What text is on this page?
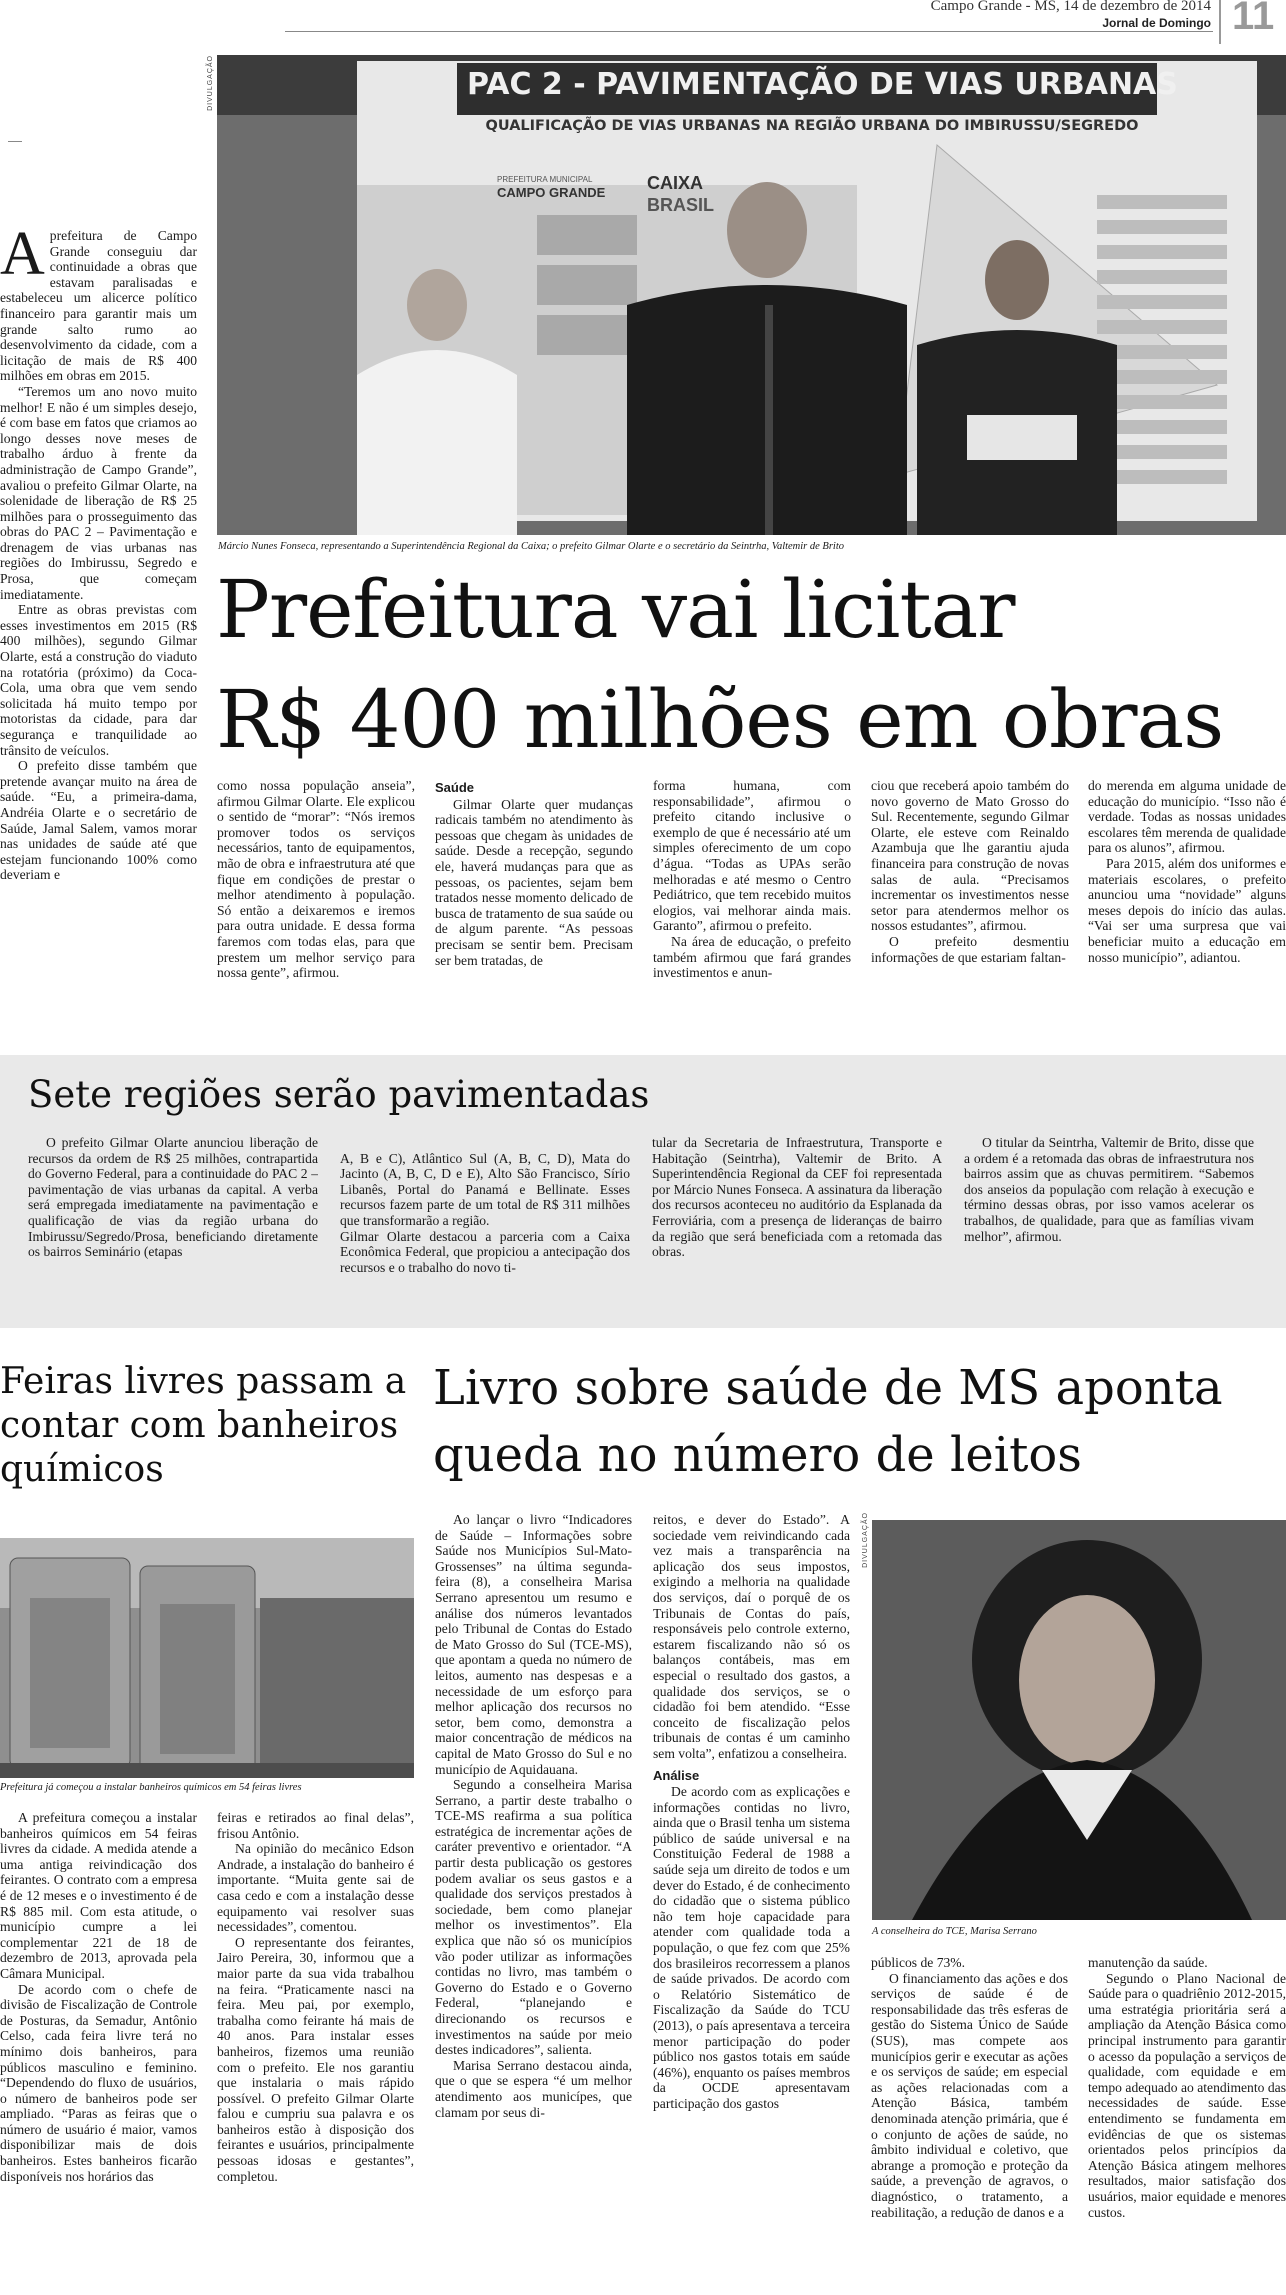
Campo Grande - MS, 14 de dezembro de 2014
Jornal de Domingo 11
DIVULGAÇÃO	PAC 2 - PAVIMENTAÇÃO DE VIAS URBANAS
QUALIFICAÇÃO DE VIAS URBANAS NA REGIÃO URBANA DO IMBIRUSSU/SEGREDO
PREFEITURA MUNICIPAL
CAMPO GRANDE CAIXA
BRASIL
Márcio Nunes Fonseca, representando a Superintendência Regional da Caixa; o prefeito Gilmar Olarte e o secretário da Seintrha, Valtemir de Brito
Prefeitura vai licitar
R$ 400 milhões em obras

Aprefeitura de Campo Grande conseguiu dar continuidade a obras que estavam paralisadas e estabeleceu um alicerce político financeiro para garantir mais um grande salto rumo ao desenvolvimento da cidade, com a licitação de mais de R$ 400 milhões em obras em 2015.

“Teremos um ano novo muito melhor! E não é um simples desejo, é com base em fatos que criamos ao longo desses nove meses de trabalho árduo à frente da administração de Campo Grande”, avaliou o prefeito Gilmar Olarte, na solenidade de liberação de R$ 25 milhões para o prosseguimento das obras do PAC 2 – Pavimentação e drenagem de vias urbanas nas regiões do Imbirussu, Segredo e Prosa, que começam imediatamente.

Entre as obras previstas com esses investimentos em 2015 (R$ 400 milhões), segundo Gilmar Olarte, está a construção do viaduto na rotatória (próximo) da Coca-Cola, uma obra que vem sendo solicitada há muito tempo por motoristas da cidade, para dar segurança e tranquilidade ao trânsito de veículos.

O prefeito disse também que pretende avançar muito na área de saúde. “Eu, a primeira-dama, Andréia Olarte e o secretário de Saúde, Jamal Salem, vamos morar nas unidades de saúde até que estejam funcionando 100% como deveriam e

como nossa população anseia”, afirmou Gilmar Olarte. Ele explicou o sentido de “morar”: “Nós iremos promover todos os serviços necessários, tanto de equipamentos, mão de obra e infraestrutura até que fique em condições de prestar o melhor atendimento à população. Só então a deixaremos e iremos para outra unidade. E dessa forma faremos com todas elas, para que prestem um melhor serviço para nossa gente”, afirmou.

Saúde

Gilmar Olarte quer mudanças radicais também no atendimento às pessoas que chegam às unidades de saúde. Desde a recepção, segundo ele, haverá mudanças para que as pessoas, os pacientes, sejam bem tratados nesse momento delicado de busca de tratamento de sua saúde ou de algum parente. “As pessoas precisam se sentir bem. Precisam ser bem tratadas, de

forma humana, com responsabilidade”, afirmou o prefeito citando inclusive o exemplo de que é necessário até um simples oferecimento de um copo d’água. “Todas as UPAs serão melhoradas e até mesmo o Centro Pediátrico, que tem recebido muitos elogios, vai melhorar ainda mais. Garanto”, afirmou o prefeito.

Na área de educação, o prefeito também afirmou que fará grandes investimentos e anun-

ciou que receberá apoio também do novo governo de Mato Grosso do Sul. Recentemente, segundo Gilmar Olarte, ele esteve com Reinaldo Azambuja que lhe garantiu ajuda financeira para construção de novas salas de aula. “Precisamos incrementar os investimentos nesse setor para atendermos melhor os nossos estudantes”, afirmou.

O prefeito desmentiu informações de que estariam faltan-

do merenda em alguma unidade de educação do município. “Isso não é verdade. Todas as nossas unidades escolares têm merenda de qualidade para os alunos”, afirmou.

Para 2015, além dos uniformes e materiais escolares, o prefeito anunciou uma “novidade” alguns meses depois do início das aulas. “Vai ser uma surpresa que vai beneficiar muito a educação em nosso município”, adiantou.

Sete regiões serão pavimentadas
O prefeito Gilmar Olarte anunciou liberação de recursos da ordem de R$ 25 milhões, contrapartida do Governo Federal, para a continuidade do PAC 2 – pavimentação de vias urbanas da capital. A verba será empregada imediatamente na pavimentação e qualificação de vias da região urbana do Imbirussu/Segredo/Prosa, beneficiando diretamente os bairros Seminário (etapas

A, B e C), Atlântico Sul (A, B, C, D), Mata do Jacinto (A, B, C, D e E), Alto São Francisco, Sírio Libanês, Portal do Panamá e Bellinate. Esses recursos fazem parte de um total de R$ 311 milhões que transformarão a região.
Gilmar Olarte destacou a parceria com a Caixa Econômica Federal, que propiciou a antecipação dos recursos e o trabalho do novo ti-

tular da Secretaria de Infraestrutura, Transporte e Habitação (Seintrha), Valtemir de Brito. A Superintendência Regional da CEF foi representada por Márcio Nunes Fonseca. A assinatura da liberação dos recursos aconteceu no auditório da Esplanada da Ferroviária, com a presença de lideranças de bairro da região que será beneficiada com a retomada das obras.
O titular da Seintrha, Valtemir de Brito, disse que a ordem é a retomada das obras de infraestrutura nos bairros assim que as chuvas permitirem. “Sabemos dos anseios da população com relação à execução e término dessas obras, por isso vamos acelerar os trabalhos, de qualidade, para que as famílias vivam melhor”, afirmou.
Feiras livres passam a
contar com banheiros
químicos
Prefeitura já começou a instalar banheiros químicos em 54 feiras livres

A prefeitura começou a instalar banheiros químicos em 54 feiras livres da cidade. A medida atende a uma antiga reivindicação dos feirantes. O contrato com a empresa é de 12 meses e o investimento é de R$ 885 mil. Com esta atitude, o município cumpre a lei complementar 221 de 18 de dezembro de 2013, aprovada pela Câmara Municipal.

De acordo com o chefe de divisão de Fiscalização de Controle de Posturas, da Semadur, Antônio Celso, cada feira livre terá no mínimo dois banheiros, para públicos masculino e feminino. “Dependendo do fluxo de usuários, o número de banheiros pode ser ampliado. “Paras as feiras que o número de usuário é maior, vamos disponibilizar mais de dois banheiros. Estes banheiros ficarão disponíveis nos horários das

feiras e retirados ao final delas”, frisou Antônio.

Na opinião do mecânico Edson Andrade, a instalação do banheiro é importante. “Muita gente sai de casa cedo e com a instalação desse equipamento vai resolver suas necessidades”, comentou.

O representante dos feirantes, Jairo Pereira, 30, informou que a maior parte da sua vida trabalhou na feira. “Praticamente nasci na feira. Meu pai, por exemplo, trabalha como feirante há mais de 40 anos. Para instalar esses banheiros, fizemos uma reunião com o prefeito. Ele nos garantiu que instalaria o mais rápido possível. O prefeito Gilmar Olarte falou e cumpriu sua palavra e os banheiros estão à disposição dos feirantes e usuários, principalmente pessoas idosas e gestantes”, completou.

Livro sobre saúde de MS aponta
queda no número de leitos

Ao lançar o livro “Indicadores de Saúde – Informações sobre Saúde nos Municípios Sul-Mato-Grossenses” na última segunda-feira (8), a conselheira Marisa Serrano apresentou um resumo e análise dos números levantados pelo Tribunal de Contas do Estado de Mato Grosso do Sul (TCE-MS), que apontam a queda no número de leitos, aumento nas despesas e a necessidade de um esforço para melhor aplicação dos recursos no setor, bem como, demonstra a maior concentração de médicos na capital de Mato Grosso do Sul e no município de Aquidauana.

Segundo a conselheira Marisa Serrano, a partir deste trabalho o TCE-MS reafirma a sua política estratégica de incrementar ações de caráter preventivo e orientador. “A partir desta publicação os gestores podem avaliar os seus gastos e a qualidade dos serviços prestados à sociedade, bem como planejar melhor os investimentos”. Ela explica que não só os municípios vão poder utilizar as informações contidas no livro, mas também o Governo do Estado e o Governo Federal, “planejando e direcionando os recursos e investimentos na saúde por meio destes indicadores”, salienta.

Marisa Serrano destacou ainda, que o que se espera “é um melhor atendimento aos municípes, que clamam por seus di-

reitos, e dever do Estado”. A sociedade vem reivindicando cada vez mais a transparência na aplicação dos seus impostos, exigindo a melhoria na qualidade dos serviços, daí o porquê de os Tribunais de Contas do país, responsáveis pelo controle externo, estarem fiscalizando não só os balanços contábeis, mas em especial o resultado dos gastos, a qualidade dos serviços, se o cidadão foi bem atendido. “Esse conceito de fiscalização pelos tribunais de contas é um caminho sem volta”, enfatizou a conselheira.

Análise

De acordo com as explicações e informações contidas no livro, ainda que o Brasil tenha um sistema público de saúde universal e na Constituição Federal de 1988 a saúde seja um direito de todos e um dever do Estado, é de conhecimento do cidadão que o sistema público não tem hoje capacidade para atender com qualidade toda a população, o que fez com que 25% dos brasileiros recorressem a planos de saúde privados. De acordo com o Relatório Sistemático de Fiscalização da Saúde do TCU (2013), o país apresentava a terceira menor participação do poder público nos gastos totais em saúde (46%), enquanto os países membros da OCDE apresentavam participação dos gastos

DIVULGAÇÃO
A conselheira do TCE, Marisa Serrano

públicos de 73%.

O financiamento das ações e dos serviços de saúde é de responsabilidade das três esferas de gestão do Sistema Único de Saúde (SUS), mas compete aos municípios gerir e executar as ações e os serviços de saúde; em especial as ações relacionadas com a Atenção Básica, também denominada atenção primária, que é o conjunto de ações de saúde, no âmbito individual e coletivo, que abrange a promoção e proteção da saúde, a prevenção de agravos, o diagnóstico, o tratamento, a reabilitação, a redução de danos e a

manutenção da saúde.

Segundo o Plano Nacional de Saúde para o quadriênio 2012-2015, uma estratégia prioritária será a ampliação da Atenção Básica como principal instrumento para garantir o acesso da população a serviços de qualidade, com equidade e em tempo adequado ao atendimento das necessidades de saúde. Esse entendimento se fundamenta em evidências de que os sistemas orientados pelos princípios da Atenção Básica atingem melhores resultados, maior satisfação dos usuários, maior equidade e menores custos.
